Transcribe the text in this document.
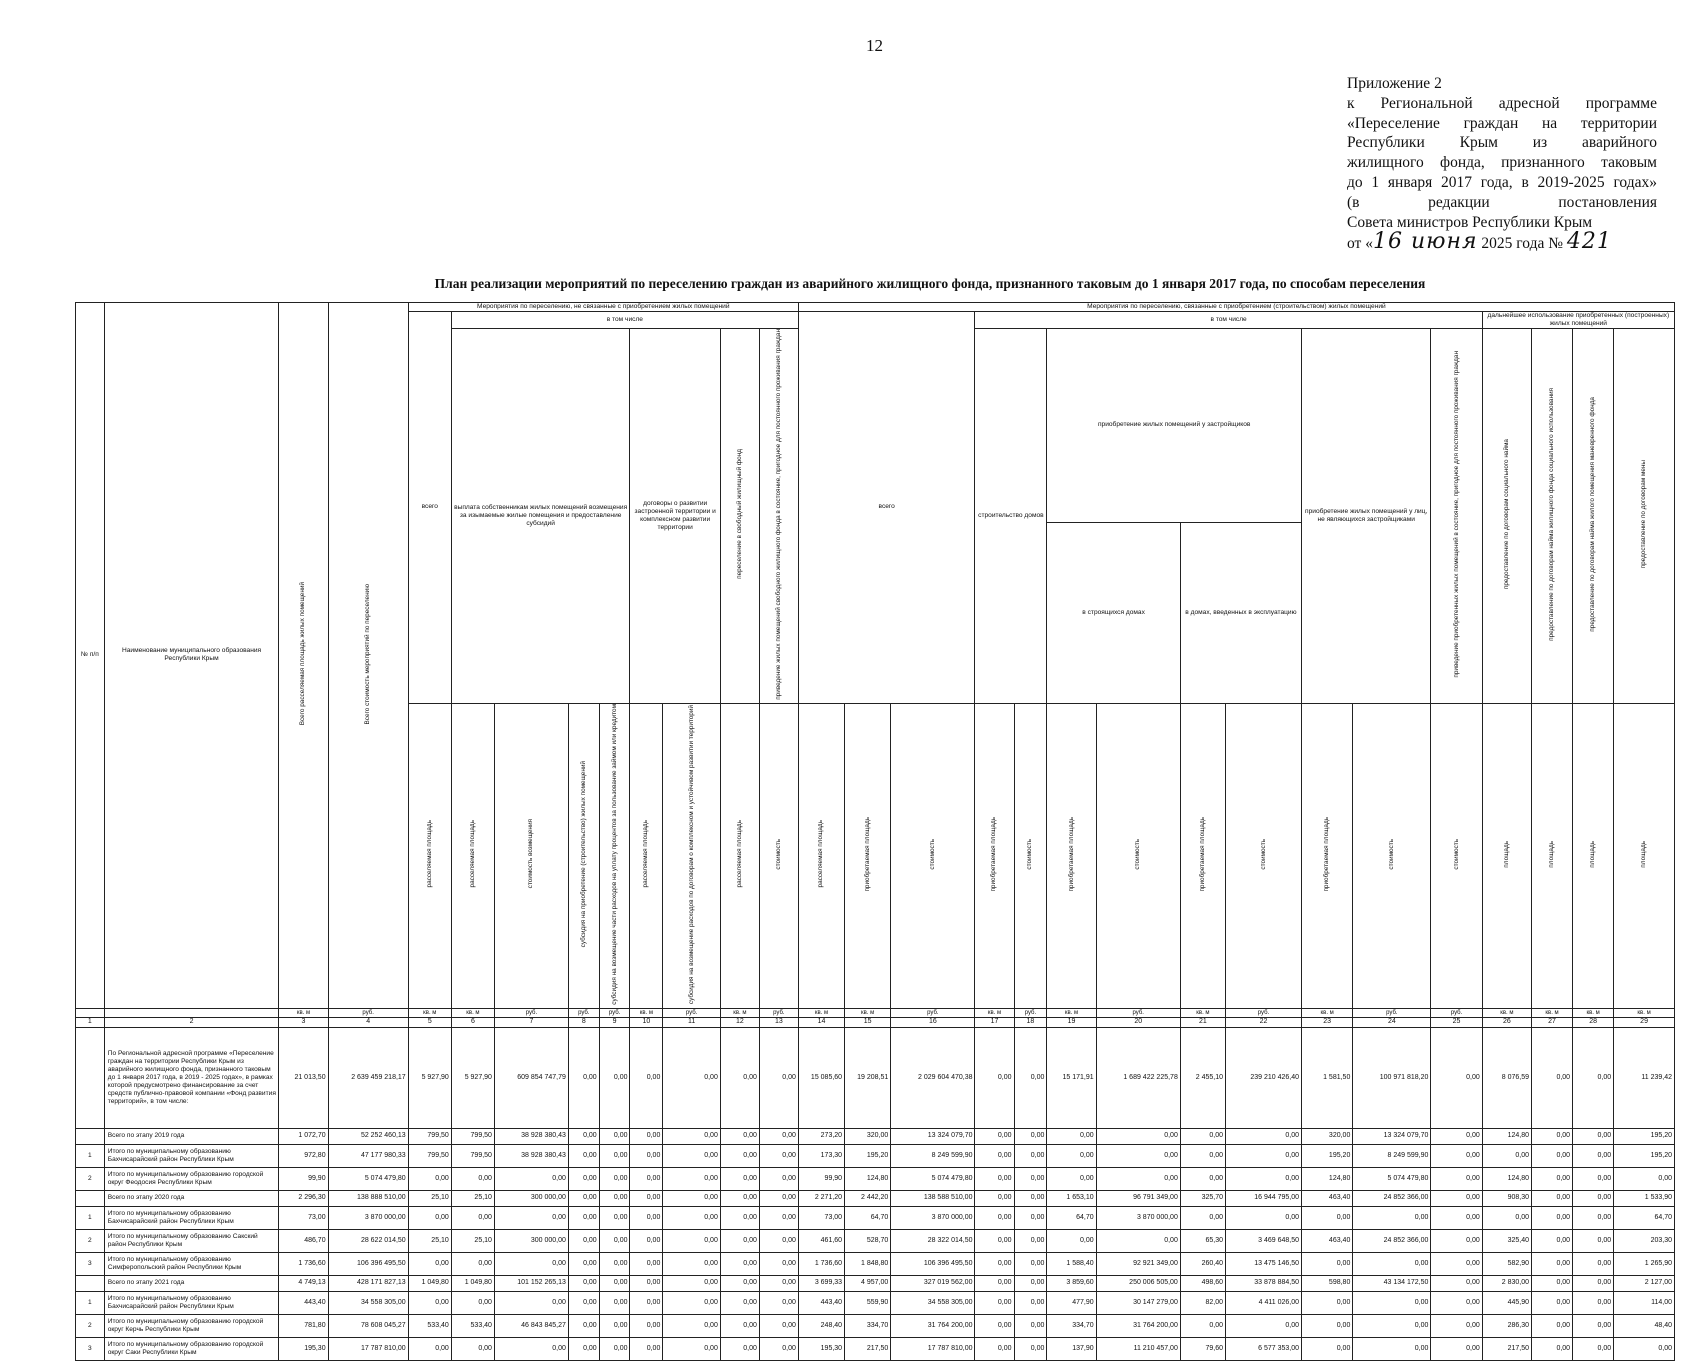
12
Приложение 2
к Региональной адресной программе
«Переселение граждан на территории
Республики Крым из аварийного
жилищного фонда, признанного таковым
до 1 января 2017 года, в 2019-2025 годах»
(в редакции постановления
Совета министров Республики Крым
от «16 июня 2025 года № 421
План реализации мероприятий по переселению граждан из аварийного жилищного фонда, признанного таковым до 1 января 2017 года, по способам переселения
№ п/п	Наименование муниципального образования Республики Крым	Всего расселяемая площадь жилых помещений	Всего стоимость мероприятий по переселению	Мероприятия по переселению, не связанные с приобретением жилых помещений									Мероприятия по переселению, связанные с приобретением (строительством) жилых помещений															
				всего	в том числе								всего			в том числе									дальнейшее использование приобретенных (построенных) жилых помещений			
					выплата собственникам жилых помещений возмещения за изымаемые жилые помещения и предоставление субсидий				договоры о развитии застроенной территории и комплексном развитии территории		переселение в свободный жилищный фонд	приведение жилых помещений свободного жилищного фонда в состояние, пригодное для постоянного проживания граждан				строительство домов		приобретение жилых помещений у застройщиков				приобретение жилых помещений у лиц, не являющихся застройщиками		приведение приобретенных жилых помещений в состояние, пригодное для постоянного проживания граждан	предоставление по договорам социального найма	предоставление по договорам найма жилищного фонда социального использования	предоставление по договорам найма жилого помещения маневренного фонда	предоставление по договорам мены
																		в строящихся домах		в домах, введенных в эксплуатацию								
				расселяемая площадь	расселяемая площадь	стоимость возмещения	субсидия на приобретение (строительство) жилых помещений	субсидия на возмещение части расходов на уплату процентов за пользование займом или кредитом	расселяемая площадь	субсидия на возмещение расходов по договорам о комплексном и устойчивом развитии территорий	расселяемая площадь	стоимость	расселяемая площадь	приобретаемая площадь	стоимость	приобретаемая площадь	стоимость	приобретаемая площадь	стоимость	приобретаемая площадь	стоимость	приобретаемая площадь	стоимость	стоимость	площадь	площадь	площадь	площадь
		кв. м	руб.	кв. м	кв. м	руб.	руб.	руб.	кв. м	руб.	кв. м	руб.	кв. м	кв. м	руб.	кв. м	руб.	кв. м	руб.	кв. м	руб.	кв. м	руб.	руб.	кв. м	кв. м	кв. м	кв. м
1	2	3	4	5	6	7	8	9	10	11	12	13	14	15	16	17	18	19	20	21	22	23	24	25	26	27	28	29
	По Региональной адресной программе «Переселение граждан на территории Республики Крым из аварийного жилищного фонда, признанного таковым до 1 января 2017 года, в 2019 - 2025 годах», в рамках которой предусмотрено финансирование за счет средств публично-правовой компании «Фонд развития территорий», в том числе:	21 013,50	2 639 459 218,17	5 927,90	5 927,90	609 854 747,79	0,00	0,00	0,00	0,00	0,00	0,00	15 085,60	19 208,51	2 029 604 470,38	0,00	0,00	15 171,91	1 689 422 225,78	2 455,10	239 210 426,40	1 581,50	100 971 818,20	0,00	8 076,59	0,00	0,00	11 239,42
	Всего по этапу 2019 года	1 072,70	52 252 460,13	799,50	799,50	38 928 380,43	0,00	0,00	0,00	0,00	0,00	0,00	273,20	320,00	13 324 079,70	0,00	0,00	0,00	0,00	0,00	0,00	320,00	13 324 079,70	0,00	124,80	0,00	0,00	195,20
1	Итого по муниципальному образованию Бахчисарайский район Республики Крым	972,80	47 177 980,33	799,50	799,50	38 928 380,43	0,00	0,00	0,00	0,00	0,00	0,00	173,30	195,20	8 249 599,90	0,00	0,00	0,00	0,00	0,00	0,00	195,20	8 249 599,90	0,00	0,00	0,00	0,00	195,20
2	Итого по муниципальному образованию городской округ Феодосия Республики Крым	99,90	5 074 479,80	0,00	0,00	0,00	0,00	0,00	0,00	0,00	0,00	0,00	99,90	124,80	5 074 479,80	0,00	0,00	0,00	0,00	0,00	0,00	124,80	5 074 479,80	0,00	124,80	0,00	0,00	0,00
	Всего по этапу 2020 года	2 296,30	138 888 510,00	25,10	25,10	300 000,00	0,00	0,00	0,00	0,00	0,00	0,00	2 271,20	2 442,20	138 588 510,00	0,00	0,00	1 653,10	96 791 349,00	325,70	16 944 795,00	463,40	24 852 366,00	0,00	908,30	0,00	0,00	1 533,90
1	Итого по муниципальному образованию Бахчисарайский район Республики Крым	73,00	3 870 000,00	0,00	0,00	0,00	0,00	0,00	0,00	0,00	0,00	0,00	73,00	64,70	3 870 000,00	0,00	0,00	64,70	3 870 000,00	0,00	0,00	0,00	0,00	0,00	0,00	0,00	0,00	64,70
2	Итого по муниципальному образованию Сакский район Республики Крым	486,70	28 622 014,50	25,10	25,10	300 000,00	0,00	0,00	0,00	0,00	0,00	0,00	461,60	528,70	28 322 014,50	0,00	0,00	0,00	0,00	65,30	3 469 648,50	463,40	24 852 366,00	0,00	325,40	0,00	0,00	203,30
3	Итого по муниципальному образованию Симферопольский район Республики Крым	1 736,60	106 396 495,50	0,00	0,00	0,00	0,00	0,00	0,00	0,00	0,00	0,00	1 736,60	1 848,80	106 396 495,50	0,00	0,00	1 588,40	92 921 349,00	260,40	13 475 146,50	0,00	0,00	0,00	582,90	0,00	0,00	1 265,90
	Всего по этапу 2021 года	4 749,13	428 171 827,13	1 049,80	1 049,80	101 152 265,13	0,00	0,00	0,00	0,00	0,00	0,00	3 699,33	4 957,00	327 019 562,00	0,00	0,00	3 859,60	250 006 505,00	498,60	33 878 884,50	598,80	43 134 172,50	0,00	2 830,00	0,00	0,00	2 127,00
1	Итого по муниципальному образованию Бахчисарайский район Республики Крым	443,40	34 558 305,00	0,00	0,00	0,00	0,00	0,00	0,00	0,00	0,00	0,00	443,40	559,90	34 558 305,00	0,00	0,00	477,90	30 147 279,00	82,00	4 411 026,00	0,00	0,00	0,00	445,90	0,00	0,00	114,00
2	Итого по муниципальному образованию городской округ Керчь Республики Крым	781,80	78 608 045,27	533,40	533,40	46 843 845,27	0,00	0,00	0,00	0,00	0,00	0,00	248,40	334,70	31 764 200,00	0,00	0,00	334,70	31 764 200,00	0,00	0,00	0,00	0,00	0,00	286,30	0,00	0,00	48,40
3	Итого по муниципальному образованию городской округ Саки Республики Крым	195,30	17 787 810,00	0,00	0,00	0,00	0,00	0,00	0,00	0,00	0,00	0,00	195,30	217,50	17 787 810,00	0,00	0,00	137,90	11 210 457,00	79,60	6 577 353,00	0,00	0,00	0,00	217,50	0,00	0,00	0,00
